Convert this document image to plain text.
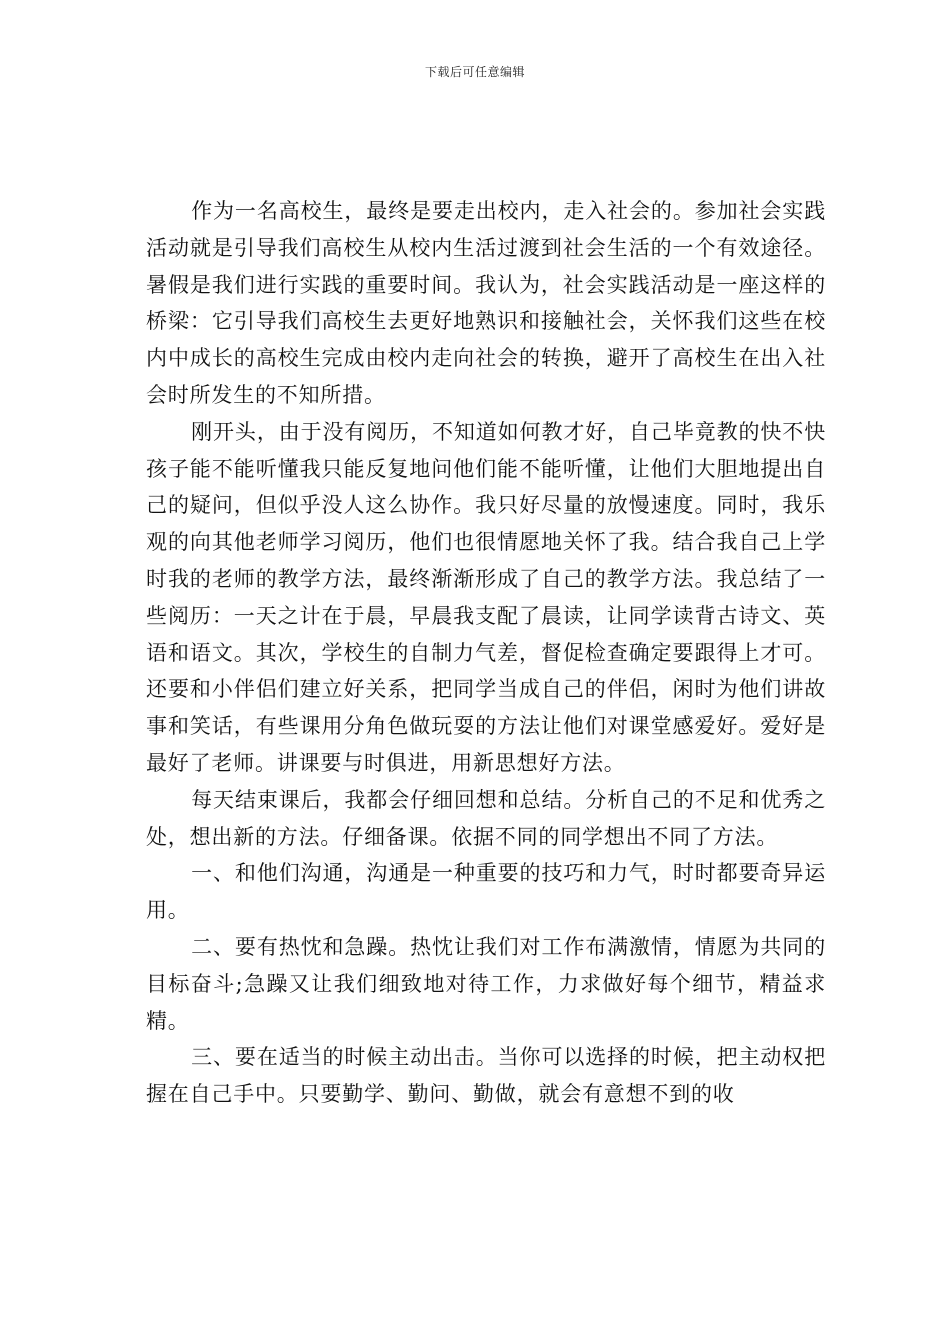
下载后可任意编辑

作为一名高校生，最终是要走出校内，走入社会的。参加社会实践活动就是引导我们高校生从校内生活过渡到社会生活的一个有效途径。暑假是我们进行实践的重要时间。我认为，社会实践活动是一座这样的桥梁：它引导我们高校生去更好地熟识和接触社会，关怀我们这些在校内中成长的高校生完成由校内走向社会的转换，避开了高校生在出入社会时所发生的不知所措。

刚开头，由于没有阅历，不知道如何教才好，自己毕竟教的快不快孩子能不能听懂我只能反复地问他们能不能听懂，让他们大胆地提出自己的疑问，但似乎没人这么协作。我只好尽量的放慢速度。同时，我乐观的向其他老师学习阅历，他们也很情愿地关怀了我。结合我自己上学时我的老师的教学方法，最终渐渐形成了自己的教学方法。我总结了一些阅历：一天之计在于晨，早晨我支配了晨读，让同学读背古诗文、英语和语文。其次，学校生的自制力气差，督促检查确定要跟得上才可。还要和小伴侣们建立好关系，把同学当成自己的伴侣，闲时为他们讲故事和笑话，有些课用分角色做玩耍的方法让他们对课堂感爱好。爱好是最好了老师。讲课要与时俱进，用新思想好方法。

每天结束课后，我都会仔细回想和总结。分析自己的不足和优秀之处，想出新的方法。仔细备课。依据不同的同学想出不同了方法。

一、和他们沟通，沟通是一种重要的技巧和力气，时时都要奇异运用。

二、要有热忱和急躁。热忱让我们对工作布满激情，情愿为共同的目标奋斗;急躁又让我们细致地对待工作，力求做好每个细节，精益求精。

三、要在适当的时候主动出击。当你可以选择的时候，把主动权把握在自己手中。只要勤学、勤问、勤做，就会有意想不到的收
